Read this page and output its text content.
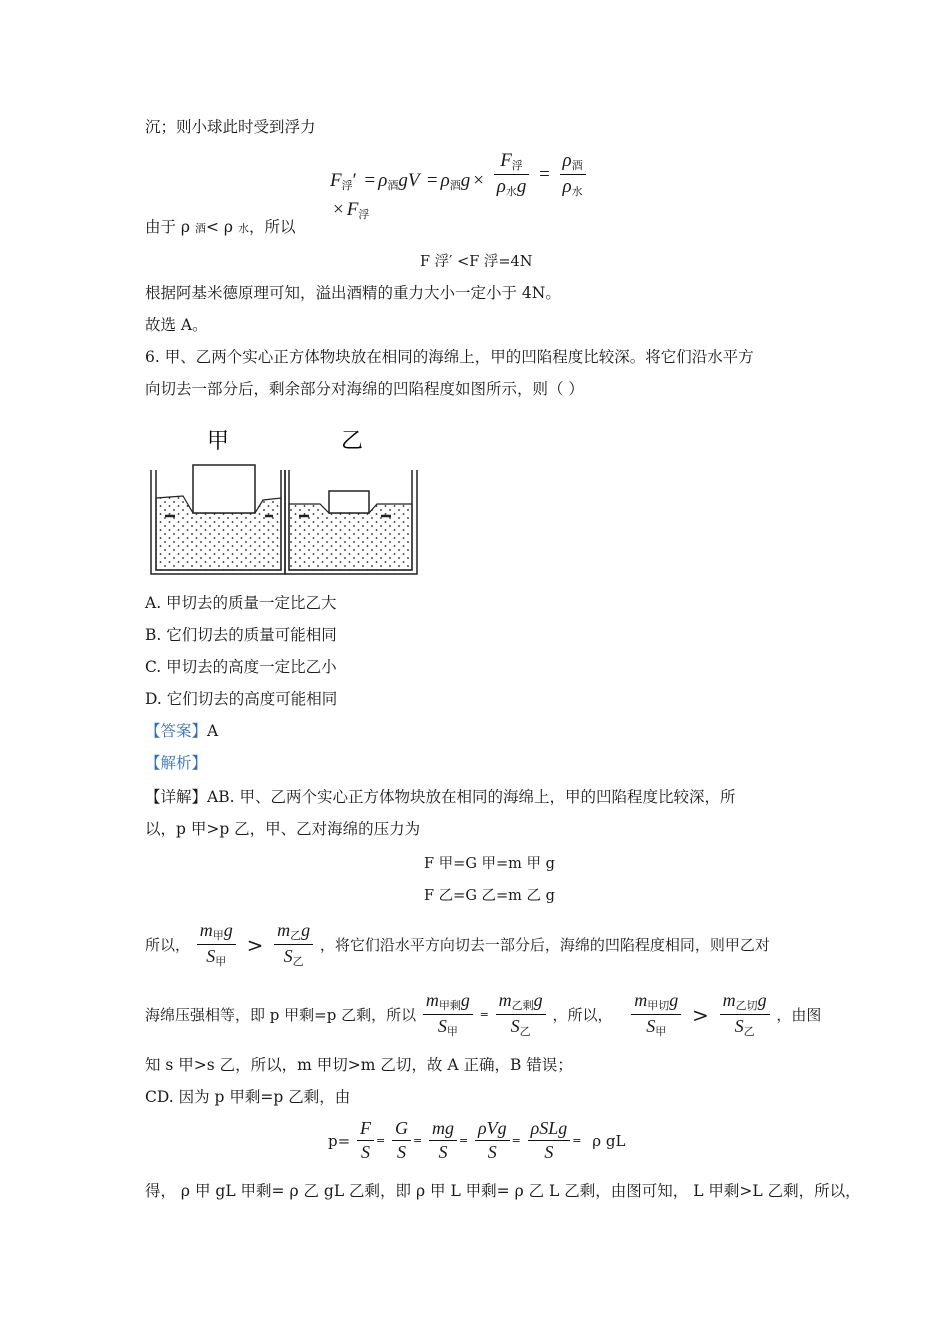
沉；则小球此时受到浮力
$F_浮' = \rho_酒gV = \rho_酒g \times \frac{F_浮}{\rho_水g} = \frac{\rho_酒}{\rho_水}$
× $F_浮$
由于 ρ 酒< ρ 水，所以
F 浮′ <F 浮=4N
根据阿基米德原理可知，溢出酒精的重力大小一定小于 4N。
故选 A。
6. 甲、乙两个实心正方体物块放在相同的海绵上，甲的凹陷程度比较深。将它们沿水平方
向切去一部分后，剩余部分对海绵的凹陷程度如图所示，则（ ）
甲	乙
A. 甲切去的质量一定比乙大
B. 它们切去的质量可能相同
C. 甲切去的高度一定比乙小
D. 它们切去的高度可能相同
【答案】A
【解析】
【详解】AB. 甲、乙两个实心正方体物块放在相同的海绵上，甲的凹陷程度比较深，所
以，p 甲>p 乙，甲、乙对海绵的压力为
F 甲=G 甲=m 甲 g
F 乙=G 乙=m 乙 g
所以， $\frac{m_甲g}{S_甲} > \frac{m_乙g}{S_乙}$ ，将它们沿水平方向切去一部分后，海绵的凹陷程度相同，则甲乙对
海绵压强相等，即 p 甲剩=p 乙剩，所以 $\frac{m_{甲剩}g}{S_甲} = \frac{m_{乙剩}g}{S_乙}$ ，所以， $\frac{m_{甲切}g}{S_甲} > \frac{m_{乙切}g}{S_乙}$ ，由图
知 s 甲>s 乙，所以，m 甲切>m 乙切，故 A 正确，B 错误；
CD. 因为 p 甲剩=p 乙剩，由
$p= \frac{F}{S} = \frac{G}{S} = \frac{mg}{S} = \frac{\text{ρVg}}{S} = \frac{\text{ρSLg}}{S} = \rho$ gL
得， ρ 甲 gL 甲剩= ρ 乙 gL 乙剩，即 ρ 甲 L 甲剩= ρ 乙 L 乙剩，由图可知， L 甲剩>L 乙剩，所以，
